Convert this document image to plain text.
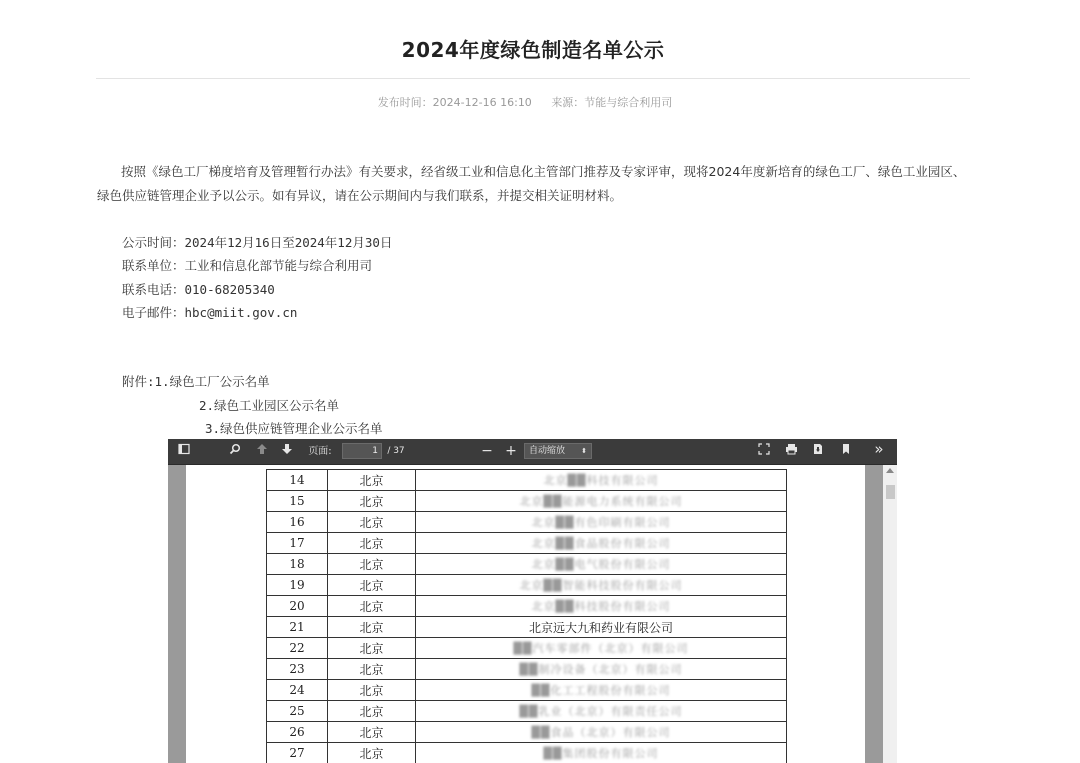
2024年度绿色制造名单公示
发布时间：2024-12-16 16:10 来源：节能与综合利用司
按照《绿色工厂梯度培育及管理暂行办法》有关要求，经省级工业和信息化主管部门推荐及专家评审，现将2024年度新培育的绿色工厂、绿色工业园区、绿色供应链管理企业予以公示。如有异议，请在公示期间内与我们联系，并提交相关证明材料。
公示时间：2024年12月16日至2024年12月30日
联系单位：工业和信息化部节能与综合利用司
联系电话：010-68205340
电子邮件：hbc@miit.gov.cn
附件:1.绿色工厂公示名单
2.绿色工业园区公示名单
3.绿色供应链管理企业公示名单
页面:	1	/ 37	− +	自动缩放 ⬍	»
14	北京	北京██科技有限公司
15	北京	北京██能源电力系统有限公司
16	北京	北京██有色印刷有限公司
17	北京	北京██食品股份有限公司
18	北京	北京██电气股份有限公司
19	北京	北京██智能科技股份有限公司
20	北京	北京██科技股份有限公司
21	北京	北京远大九和药业有限公司
22	北京	██汽车零部件（北京）有限公司
23	北京	██制冷设备（北京）有限公司
24	北京	██化工工程股份有限公司
25	北京	██乳业（北京）有限责任公司
26	北京	██食品（北京）有限公司
27	北京	██集团股份有限公司
